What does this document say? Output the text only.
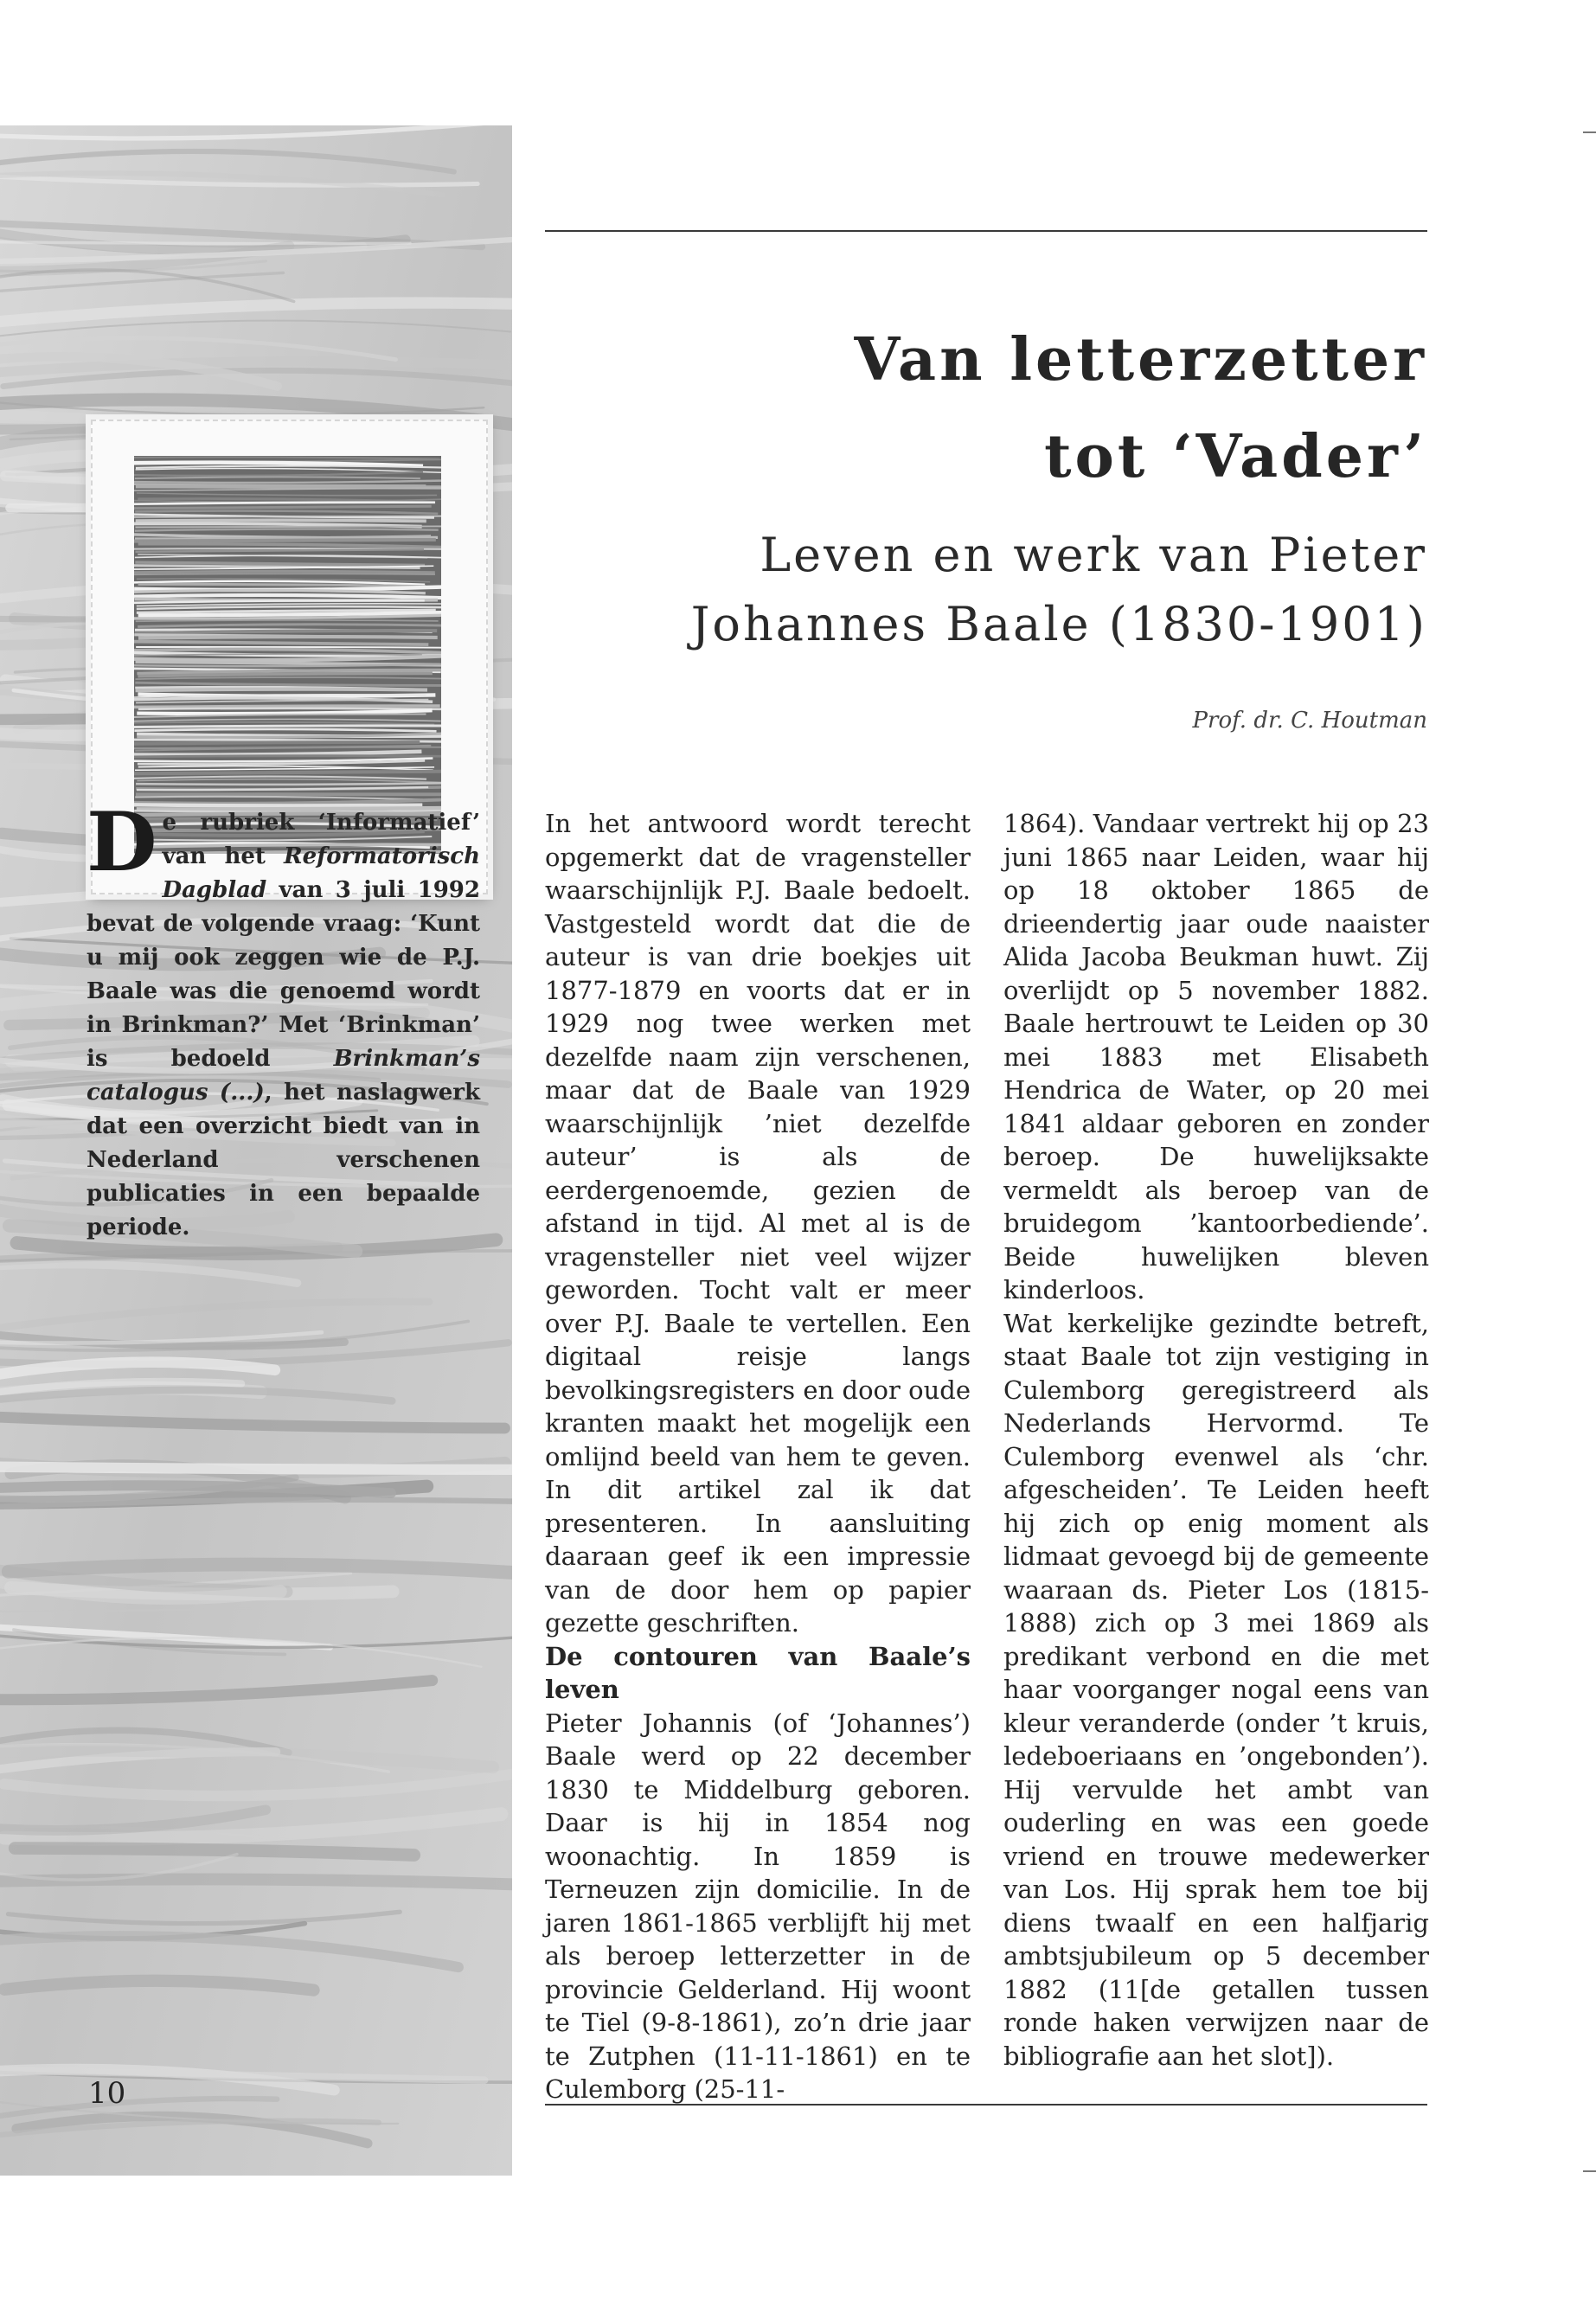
De rubriek ‘Informatief’ van het Reformatorisch Dagblad van 3 juli 1992 bevat de volgende vraag: ‘Kunt u mij ook zeggen wie de P.J. Baale was die genoemd wordt in Brinkman?’ Met ‘Brinkman’ is bedoeld Brinkman’s catalogus (...), het naslagwerk dat een overzicht biedt van in Nederland verschenen publicaties in een bepaalde periode.
Van letterzetter
tot ‘Vader’
Leven en werk van Pieter
Johannes Baale (1830-1901)
Prof. dr. C. Houtman
In het antwoord wordt terecht opgemerkt dat de vragensteller waarschijnlijk P.J. Baale bedoelt. Vastgesteld wordt dat die de auteur is van drie boekjes uit 1877-1879 en voorts dat er in 1929 nog twee werken met dezelfde naam zijn verschenen, maar dat de Baale van 1929 waarschijnlijk ’niet dezelfde auteur’ is als de eerdergenoemde, gezien de afstand in tijd. Al met al is de vragensteller niet veel wijzer geworden. Tocht valt er meer over P.J. Baale te vertellen. Een digitaal reisje langs bevolkingsregisters en door oude kranten maakt het mogelijk een omlijnd beeld van hem te geven. In dit artikel zal ik dat presenteren. In aansluiting daaraan geef ik een impressie van de door hem op papier gezette geschriften.
De contouren van Baale’s leven
Pieter Johannis (of ‘Johannes’) Baale werd op 22 december 1830 te Middelburg geboren. Daar is hij in 1854 nog woonachtig. In 1859 is Terneuzen zijn domicilie. In de jaren 1861-1865 verblijft hij met als beroep letterzetter in de provincie Gelderland. Hij woont te Tiel (9-8-1861), zo’n drie jaar te Zutphen (11-11-1861) en te Culemborg (25-11-
1864). Vandaar vertrekt hij op 23 juni 1865 naar Leiden, waar hij op 18 oktober 1865 de drieendertig jaar oude naaister Alida Jacoba Beukman huwt. Zij overlijdt op 5 november 1882. Baale hertrouwt te Leiden op 30 mei 1883 met Elisabeth Hendrica de Water, op 20 mei 1841 aldaar geboren en zonder beroep. De huwelijksakte vermeldt als beroep van de bruidegom ’kantoorbediende’. Beide huwelijken bleven kinderloos.
Wat kerkelijke gezindte betreft, staat Baale tot zijn vestiging in Culemborg geregistreerd als Nederlands Hervormd. Te Culemborg evenwel als ‘chr. afgescheiden’. Te Leiden heeft hij zich op enig moment als lidmaat gevoegd bij de gemeente waaraan ds. Pieter Los (1815-1888) zich op 3 mei 1869 als predikant verbond en die met haar voorganger nogal eens van kleur veranderde (onder ’t kruis, ledeboeriaans en ’ongebonden’). Hij vervulde het ambt van ouderling en was een goede vriend en trouwe medewerker van Los. Hij sprak hem toe bij diens twaalf en een halfjarig ambtsjubileum op 5 december 1882 (11[de getallen tussen ronde haken verwijzen naar de bibliografie aan het slot]).
10
